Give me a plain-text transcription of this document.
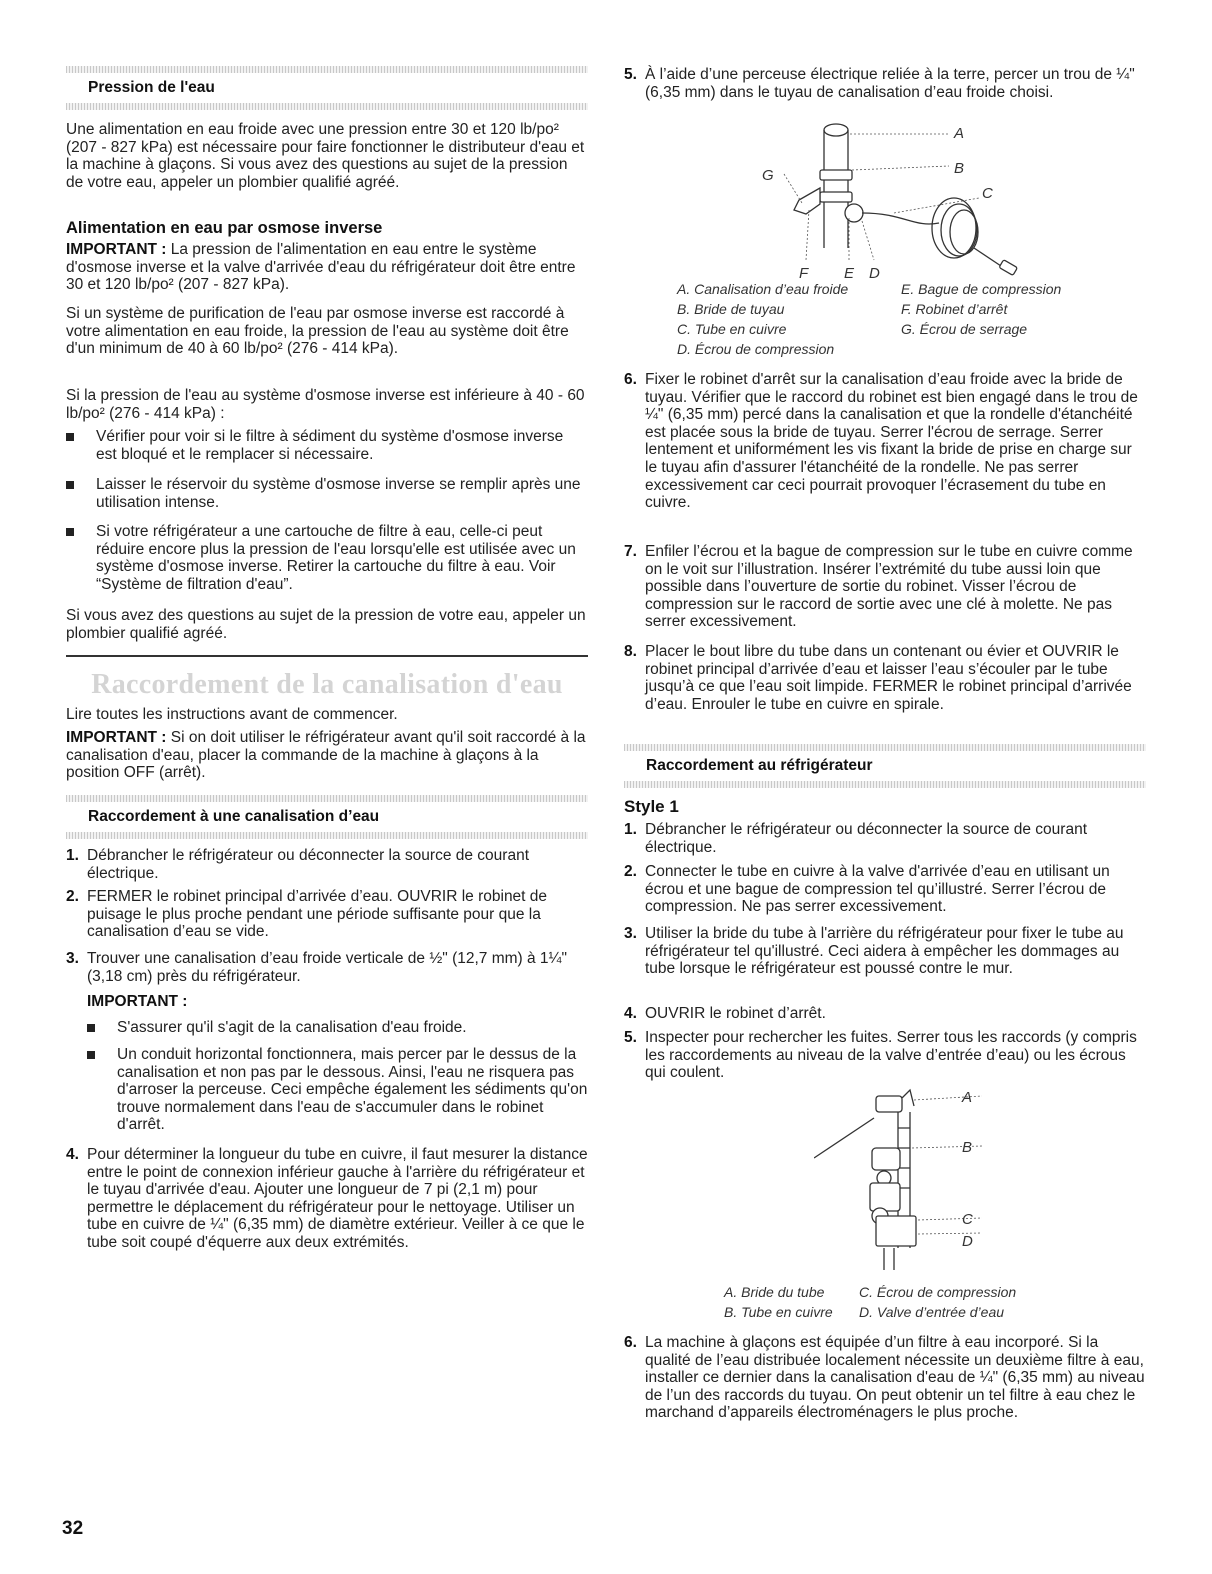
Pression de l'eau

Une alimentation en eau froide avec une pression entre 30 et 120 lb/po² (207 - 827 kPa) est nécessaire pour faire fonctionner le distributeur d'eau et la machine à glaçons. Si vous avez des questions au sujet de la pression de votre eau, appeler un plombier qualifié agréé.

Alimentation en eau par osmose inverse

IMPORTANT : La pression de l'alimentation en eau entre le système d'osmose inverse et la valve d'arrivée d'eau du réfrigérateur doit être entre 30 et 120 lb/po² (207 - 827 kPa).

Si un système de purification de l'eau par osmose inverse est raccordé à votre alimentation en eau froide, la pression de l'eau au système doit être d'un minimum de 40 à 60 lb/po² (276 - 414 kPa).

Si la pression de l'eau au système d'osmose inverse est inférieure à 40 - 60 lb/po² (276 - 414 kPa) :

Vérifier pour voir si le filtre à sédiment du système d'osmose inverse est bloqué et le remplacer si nécessaire.

Laisser le réservoir du système d'osmose inverse se remplir après une utilisation intense.

Si votre réfrigérateur a une cartouche de filtre à eau, celle-ci peut réduire encore plus la pression de l'eau lorsqu'elle est utilisée avec un système d'osmose inverse. Retirer la cartouche du filtre à eau. Voir “Système de filtration d'eau”.

Si vous avez des questions au sujet de la pression de votre eau, appeler un plombier qualifié agréé.

Raccordement de la canalisation d'eau

Lire toutes les instructions avant de commencer.

IMPORTANT : Si on doit utiliser le réfrigérateur avant qu'il soit raccordé à la canalisation d'eau, placer la commande de la machine à glaçons à la position OFF (arrêt).

Raccordement à une canalisation d’eau
1. Débrancher le réfrigérateur ou déconnecter la source de courant électrique.

2. FERMER le robinet principal d’arrivée d’eau. OUVRIR le robinet de puisage le plus proche pendant une période suffisante pour que la canalisation d’eau se vide.

3. Trouver une canalisation d’eau froide verticale de ½" (12,7 mm) à 1¼" (3,18 cm) près du réfrigérateur.

IMPORTANT :

S'assurer qu'il s'agit de la canalisation d'eau froide.

Un conduit horizontal fonctionnera, mais percer par le dessus de la canalisation et non pas par le dessous. Ainsi, l'eau ne risquera pas d'arroser la perceuse. Ceci empêche également les sédiments qu'on trouve normalement dans l'eau de s'accumuler dans le robinet d'arrêt.

4. Pour déterminer la longueur du tube en cuivre, il faut mesurer la distance entre le point de connexion inférieur gauche à l'arrière du réfrigérateur et le tuyau d'arrivée d'eau. Ajouter une longueur de 7 pi (2,1 m) pour permettre le déplacement du réfrigérateur pour le nettoyage. Utiliser un tube en cuivre de ¼" (6,35 mm) de diamètre extérieur. Veiller à ce que le tube soit coupé d'équerre aux deux extrémités.

5. À l’aide d’une perceuse électrique reliée à la terre, percer un trou de ¼" (6,35 mm) dans le tuyau de canalisation d’eau froide choisi.

A
B
C
D
E
F
G
A. Canalisation d’eau froide
B. Bride de tuyau
C. Tube en cuivre
D. Écrou de compression
E. Bague de compression
F. Robinet d’arrêt
G. Écrou de serrage
6. Fixer le robinet d'arrêt sur la canalisation d’eau froide avec la bride de tuyau. Vérifier que le raccord du robinet est bien engagé dans le trou de ¼" (6,35 mm) percé dans la canalisation et que la rondelle d'étanchéité est placée sous la bride de tuyau. Serrer l'écrou de serrage. Serrer lentement et uniformément les vis fixant la bride de prise en charge sur le tuyau afin d'assurer l'étanchéité de la rondelle. Ne pas serrer excessivement car ceci pourrait provoquer l’écrasement du tube en cuivre.

7. Enfiler l’écrou et la bague de compression sur le tube en cuivre comme on le voit sur l’illustration. Insérer l’extrémité du tube aussi loin que possible dans l’ouverture de sortie du robinet. Visser l’écrou de compression sur le raccord de sortie avec une clé à molette. Ne pas serrer excessivement.

8. Placer le bout libre du tube dans un contenant ou évier et OUVRIR le robinet principal d’arrivée d’eau et laisser l’eau s’écouler par le tube jusqu’à ce que l’eau soit limpide. FERMER le robinet principal d’arrivée d’eau. Enrouler le tube en cuivre en spirale.

Raccordement au réfrigérateur
Style 1
1. Débrancher le réfrigérateur ou déconnecter la source de courant électrique.

2. Connecter le tube en cuivre à la valve d'arrivée d’eau en utilisant un écrou et une bague de compression tel qu’illustré. Serrer l’écrou de compression. Ne pas serrer excessivement.

3. Utiliser la bride du tube à l'arrière du réfrigérateur pour fixer le tube au réfrigérateur tel qu'illustré. Ceci aidera à empêcher les dommages au tube lorsque le réfrigérateur est poussé contre le mur.

4. OUVRIR le robinet d’arrêt.

5. Inspecter pour rechercher les fuites. Serrer tous les raccords (y compris les raccordements au niveau de la valve d’entrée d’eau) ou les écrous qui coulent.

A
B
C
D
A. Bride du tube
B. Tube en cuivre
C. Écrou de compression
D. Valve d’entrée d’eau
6. La machine à glaçons est équipée d’un filtre à eau incorporé. Si la qualité de l’eau distribuée localement nécessite un deuxième filtre à eau, installer ce dernier dans la canalisation d'eau de ¼" (6,35 mm) au niveau de l’un des raccords du tuyau. On peut obtenir un tel filtre à eau chez le marchand d’appareils électroménagers le plus proche.

32
